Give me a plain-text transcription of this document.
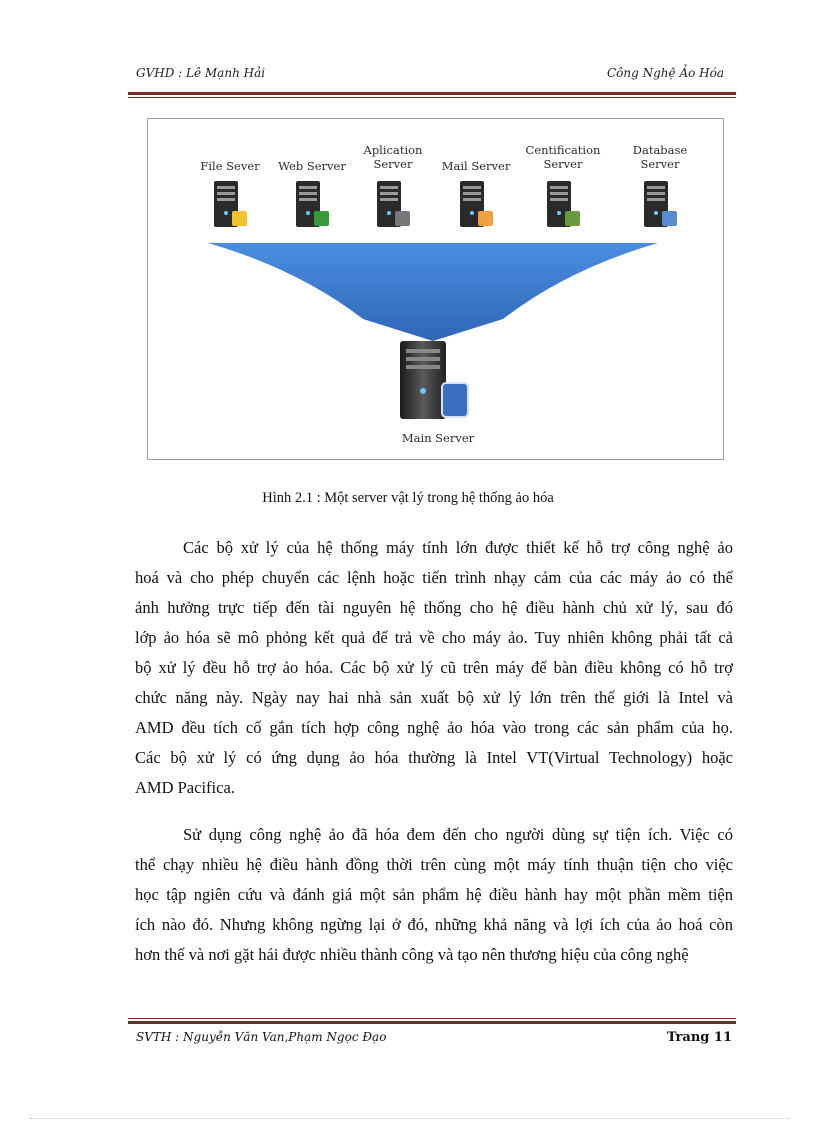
GVHD : Lê Mạnh Hải	Công Nghệ Ảo Hóa
File Sever	Web Server
Aplication
Server	Mail Server
Centification
Server
Database
Server
Main Server
Hình 2.1 : Một server vật lý trong hệ thống ảo hóa
Các bộ xử lý của hệ thống máy tính lớn được thiết kế hỗ trợ công nghệ ảo
hoá và cho phép chuyển các lệnh hoặc tiến trình nhạy cảm của các máy ảo có thể
ảnh hưởng trực tiếp đến tài nguyên hệ thống cho hệ điều hành chủ xử lý, sau đó
lớp ảo hóa sẽ mô phỏng kết quả để trả về cho máy ảo. Tuy nhiên không phải tất cả
bộ xử lý đều hỗ trợ ảo hóa. Các bộ xử lý cũ trên máy để bàn điều không có hỗ trợ
chức năng này. Ngày nay hai nhà sản xuất bộ xử lý lớn trên thế giới là Intel và
AMD đều tích cố gắn tích hợp công nghệ ảo hóa vào trong các sản phẩm của họ.
Các bộ xử lý có ứng dụng ảo hóa thường là Intel VT(Virtual Technology) hoặc
AMD Pacifica.
Sử dụng công nghệ ảo đã hóa đem đến cho người dùng sự tiện ích. Việc có
thể chạy nhiều hệ điều hành đồng thời trên cùng một máy tính thuận tiện cho việc
học tập ngiên cứu và đánh giá một sản phẩm hệ điều hành hay một phần mềm tiện
ích nào đó. Nhưng không ngừng lại ở đó, những khả năng và lợi ích của ảo hoá còn
hơn thế và nơi gặt hái được nhiều thành công và tạo nên thương hiệu của công nghệ
SVTH : Nguyễn Văn Van,Phạm Ngọc Đạo	Trang 11
